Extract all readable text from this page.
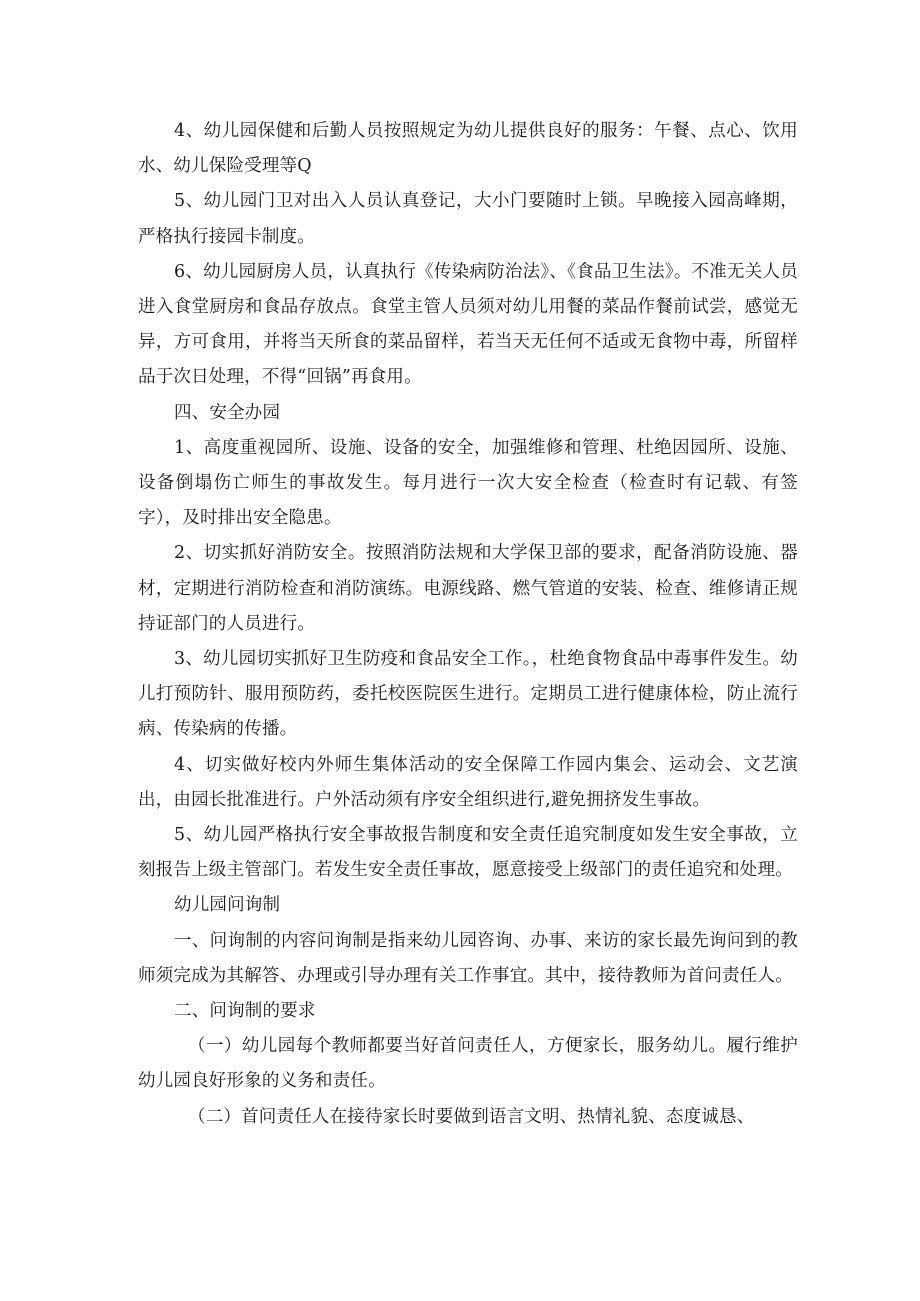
4、幼儿园保健和后勤人员按照规定为幼儿提供良好的服务：午餐、点心、饮用水、幼儿保险受理等Q

5、幼儿园门卫对出入人员认真登记，大小门要随时上锁。早晚接入园高峰期，严格执行接园卡制度。

6、幼儿园厨房人员，认真执行《传染病防治法》、《食品卫生法》。不准无关人员进入食堂厨房和食品存放点。食堂主管人员须对幼儿用餐的菜品作餐前试尝，感觉无异，方可食用，并将当天所食的菜品留样，若当天无任何不适或无食物中毒，所留样品于次日处理，不得“回锅”再食用。

四、安全办园

1、高度重视园所、设施、设备的安全，加强维修和管理、杜绝因园所、设施、设备倒塌伤亡师生的事故发生。每月进行一次大安全检查（检查时有记载、有签字），及时排出安全隐患。

2、切实抓好消防安全。按照消防法规和大学保卫部的要求，配备消防设施、器材，定期进行消防检查和消防演练。电源线路、燃气管道的安装、检查、维修请正规持证部门的人员进行。

3、幼儿园切实抓好卫生防疫和食品安全工作。，杜绝食物食品中毒事件发生。幼儿打预防针、服用预防药，委托校医院医生进行。定期员工进行健康体检，防止流行病、传染病的传播。

4、切实做好校内外师生集体活动的安全保障工作园内集会、运动会、文艺演出，由园长批准进行。户外活动须有序安全组织进行,避免拥挤发生事故。

5、幼儿园严格执行安全事故报告制度和安全责任追究制度如发生安全事故，立刻报告上级主管部门。若发生安全责任事故，愿意接受上级部门的责任追究和处理。

幼儿园问询制

一、问询制的内容问询制是指来幼儿园咨询、办事、来访的家长最先询问到的教师须完成为其解答、办理或引导办理有关工作事宜。其中，接待教师为首问责任人。

二、问询制的要求

（一）幼儿园每个教师都要当好首问责任人，方便家长，服务幼儿。履行维护幼儿园良好形象的义务和责任。

（二）首问责任人在接待家长时要做到语言文明、热情礼貌、态度诚恳、
